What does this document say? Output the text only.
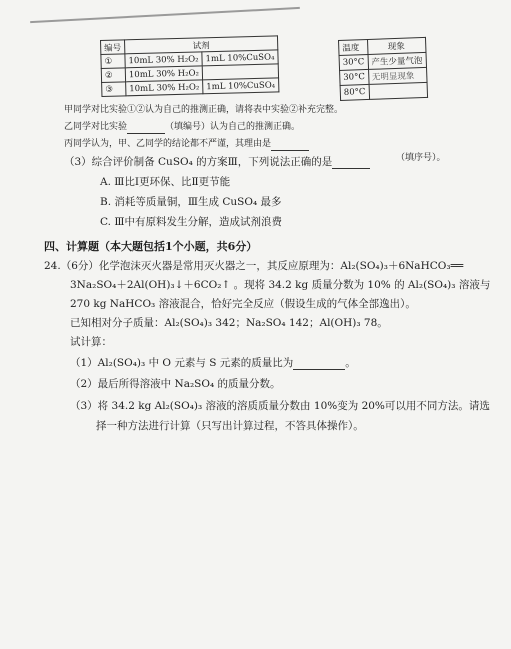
编号	试剂	
①	10mL 30% H₂O₂	1mL 10%CuSO₄
②	10mL 30% H₂O₂	
③	10mL 30% H₂O₂	1mL 10%CuSO₄
温度	现象
30°C	产生少量气泡
30°C	无明显现象
80°C	
甲同学对比实验①②认为自己的推测正确，请将表中实验②补充完整。
乙同学对比实验	（填编号）认为自己的推测正确。
丙同学认为，甲、乙同学的结论都不严谨，其理由是
（填序号）。
（3）综合评价制备 CuSO₄ 的方案Ⅲ，下列说法正确的是
A. Ⅲ比Ⅰ更环保、比Ⅱ更节能
B. 消耗等质量铜，Ⅲ生成 CuSO₄ 最多
C. Ⅲ中有原料发生分解，造成试剂浪费
四、计算题（本大题包括1个小题，共6分）
24.（6分）化学泡沫灭火器是常用灭火器之一，其反应原理为：Al₂(SO₄)₃＋6NaHCO₃══
3Na₂SO₄＋2Al(OH)₃↓＋6CO₂↑ 。现将 34.2 kg 质量分数为 10% 的 Al₂(SO₄)₃ 溶液与
270 kg NaHCO₃ 溶液混合，恰好完全反应（假设生成的气体全部逸出）。
已知相对分子质量：Al₂(SO₄)₃ 342；Na₂SO₄ 142；Al(OH)₃ 78。
试计算：
（1）Al₂(SO₄)₃ 中 O 元素与 S 元素的质量比为	。
（2）最后所得溶液中 Na₂SO₄ 的质量分数。
（3）将 34.2 kg Al₂(SO₄)₃ 溶液的溶质质量分数由 10%变为 20%可以用不同方法。请选
择一种方法进行计算（只写出计算过程，不答具体操作）。
